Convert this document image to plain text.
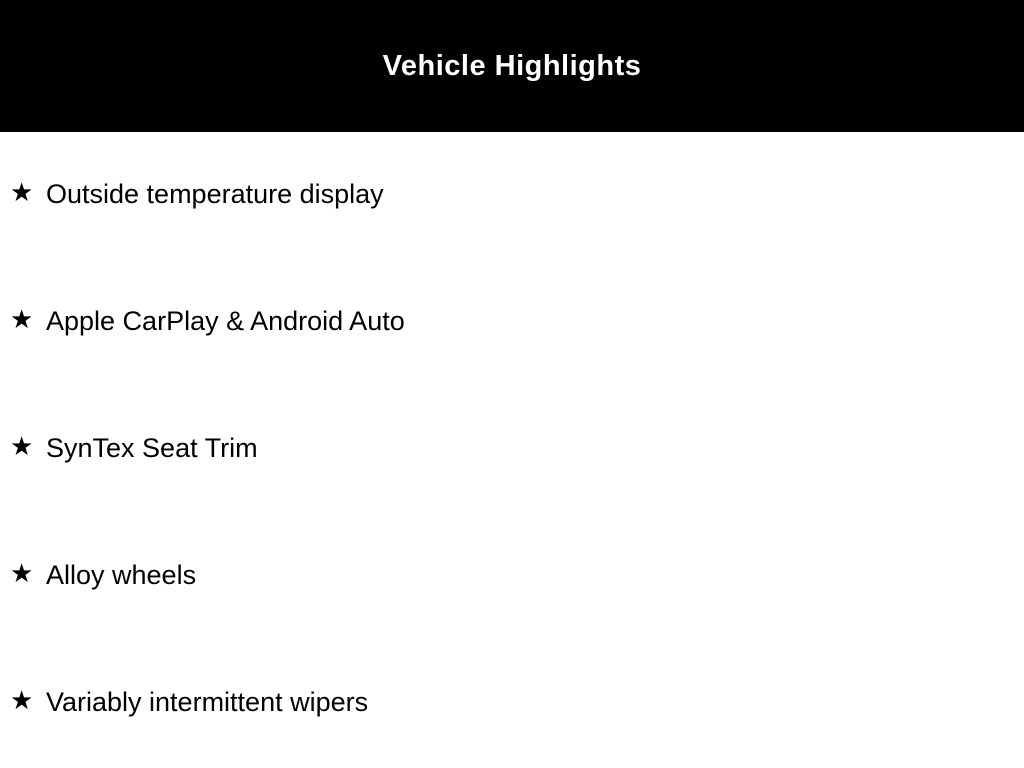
Vehicle Highlights
★ Outside temperature display
★ Apple CarPlay & Android Auto
★ SynTex Seat Trim
★ Alloy wheels
★ Variably intermittent wipers
